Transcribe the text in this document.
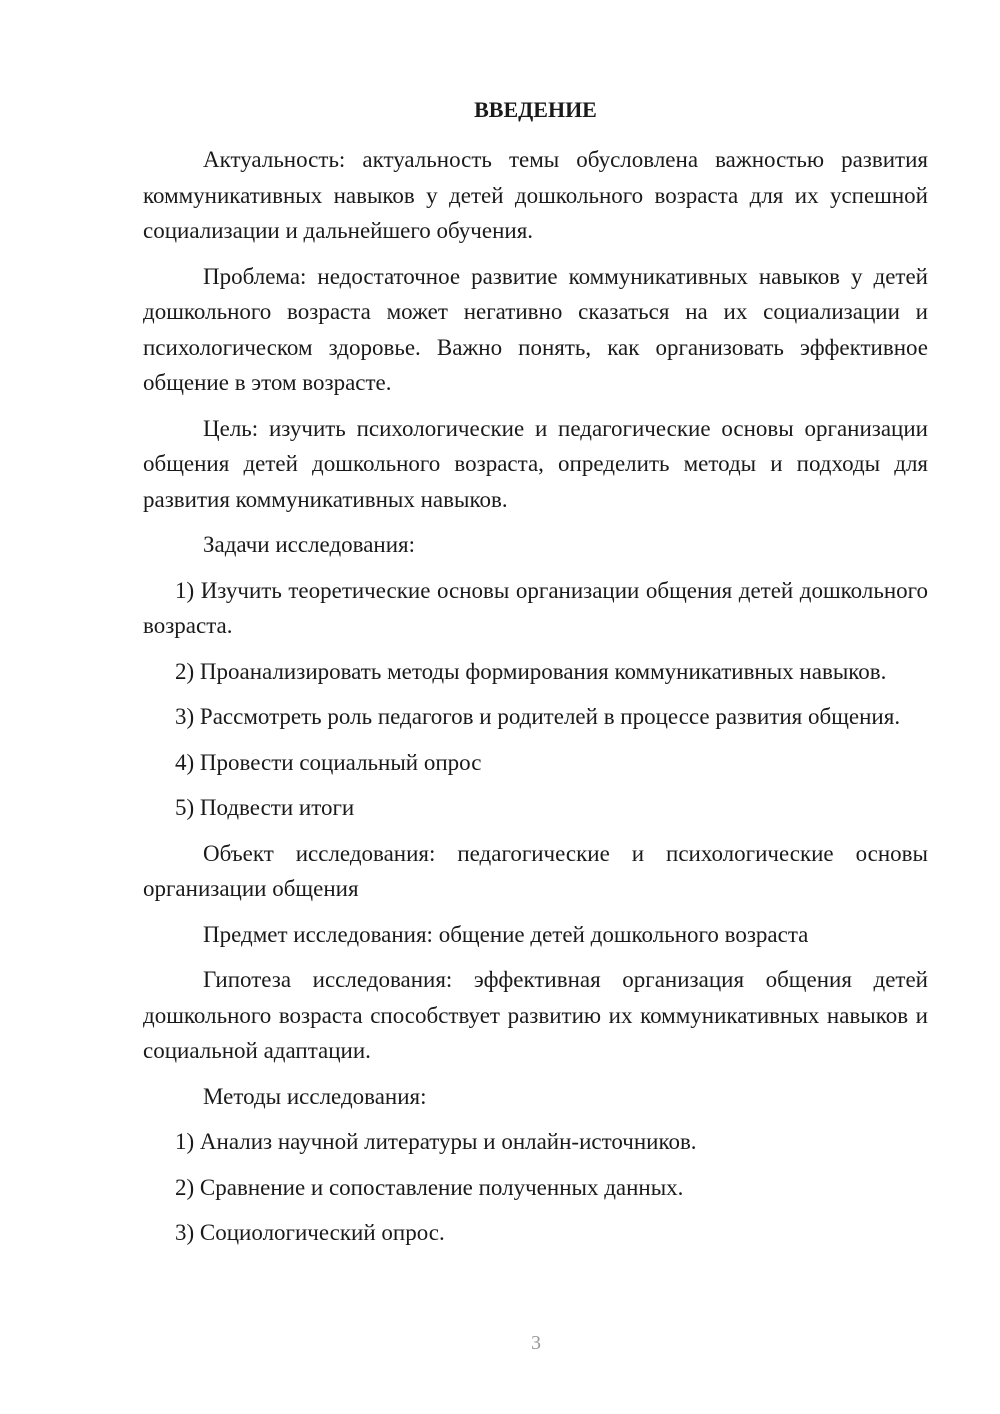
ВВЕДЕНИЕ

Актуальность: актуальность темы обусловлена важностью развития коммуникативных навыков у детей дошкольного возраста для их успешной социализации и дальнейшего обучения.

Проблема: недостаточное развитие коммуникативных навыков у детей дошкольного возраста может негативно сказаться на их социализации и психологическом здоровье. Важно понять, как организовать эффективное общение в этом возрасте.

Цель: изучить психологические и педагогические основы организации общения детей дошкольного возраста, определить методы и подходы для развития коммуникативных навыков.

Задачи исследования:

1) Изучить теоретические основы организации общения детей дошкольного возраста.

2) Проанализировать методы формирования коммуникативных навыков.

3) Рассмотреть роль педагогов и родителей в процессе развития общения.

4) Провести социальный опрос

5) Подвести итоги

Объект исследования: педагогические и психологические основы организации общения

Предмет исследования: общение детей дошкольного возраста

Гипотеза исследования: эффективная организация общения детей дошкольного возраста способствует развитию их коммуникативных навыков и социальной адаптации.

Методы исследования:

1) Анализ научной литературы и онлайн-источников.

2) Сравнение и сопоставление полученных данных.

3) Социологический опрос.

3
